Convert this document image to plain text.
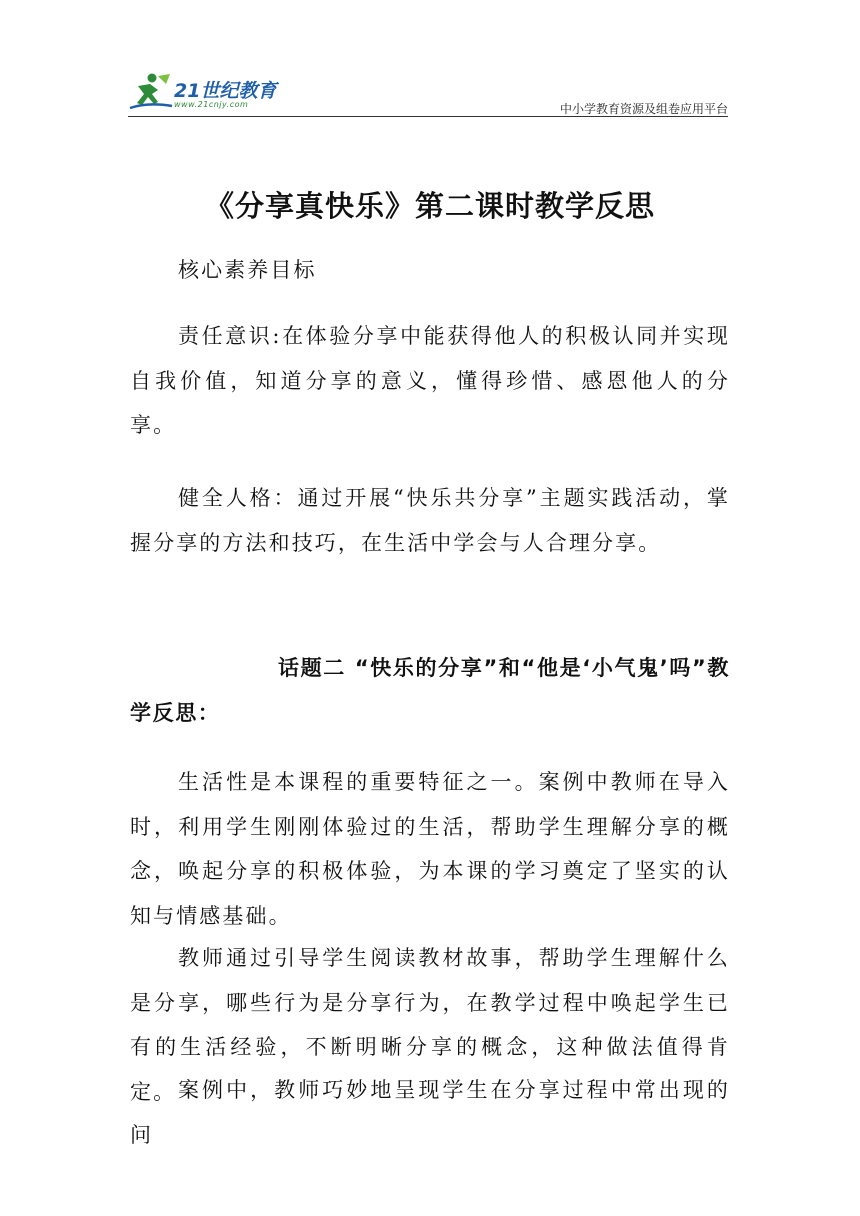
21世纪教育
www.21cnjy.com	中小学教育资源及组卷应用平台
《分享真快乐》第二课时教学反思

核心素养目标

责任意识:在体验分享中能获得他人的积极认同并实现自我价值，知道分享的意义，懂得珍惜、感恩他人的分享。

健全人格：通过开展“快乐共分享”主题实践活动，掌握分享的方法和技巧，在生活中学会与人合理分享。

话题二 “快乐的分享”和“他是‘小气鬼’吗”教学反思：

生活性是本课程的重要特征之一。案例中教师在导入时，利用学生刚刚体验过的生活，帮助学生理解分享的概念，唤起分享的积极体验，为本课的学习奠定了坚实的认知与情感基础。

教师通过引导学生阅读教材故事，帮助学生理解什么是分享，哪些行为是分享行为，在教学过程中唤起学生已有的生活经验，不断明晰分享的概念，这种做法值得肯定。 案例中，教师巧妙地呈现学生在分享过程中常出现的问
